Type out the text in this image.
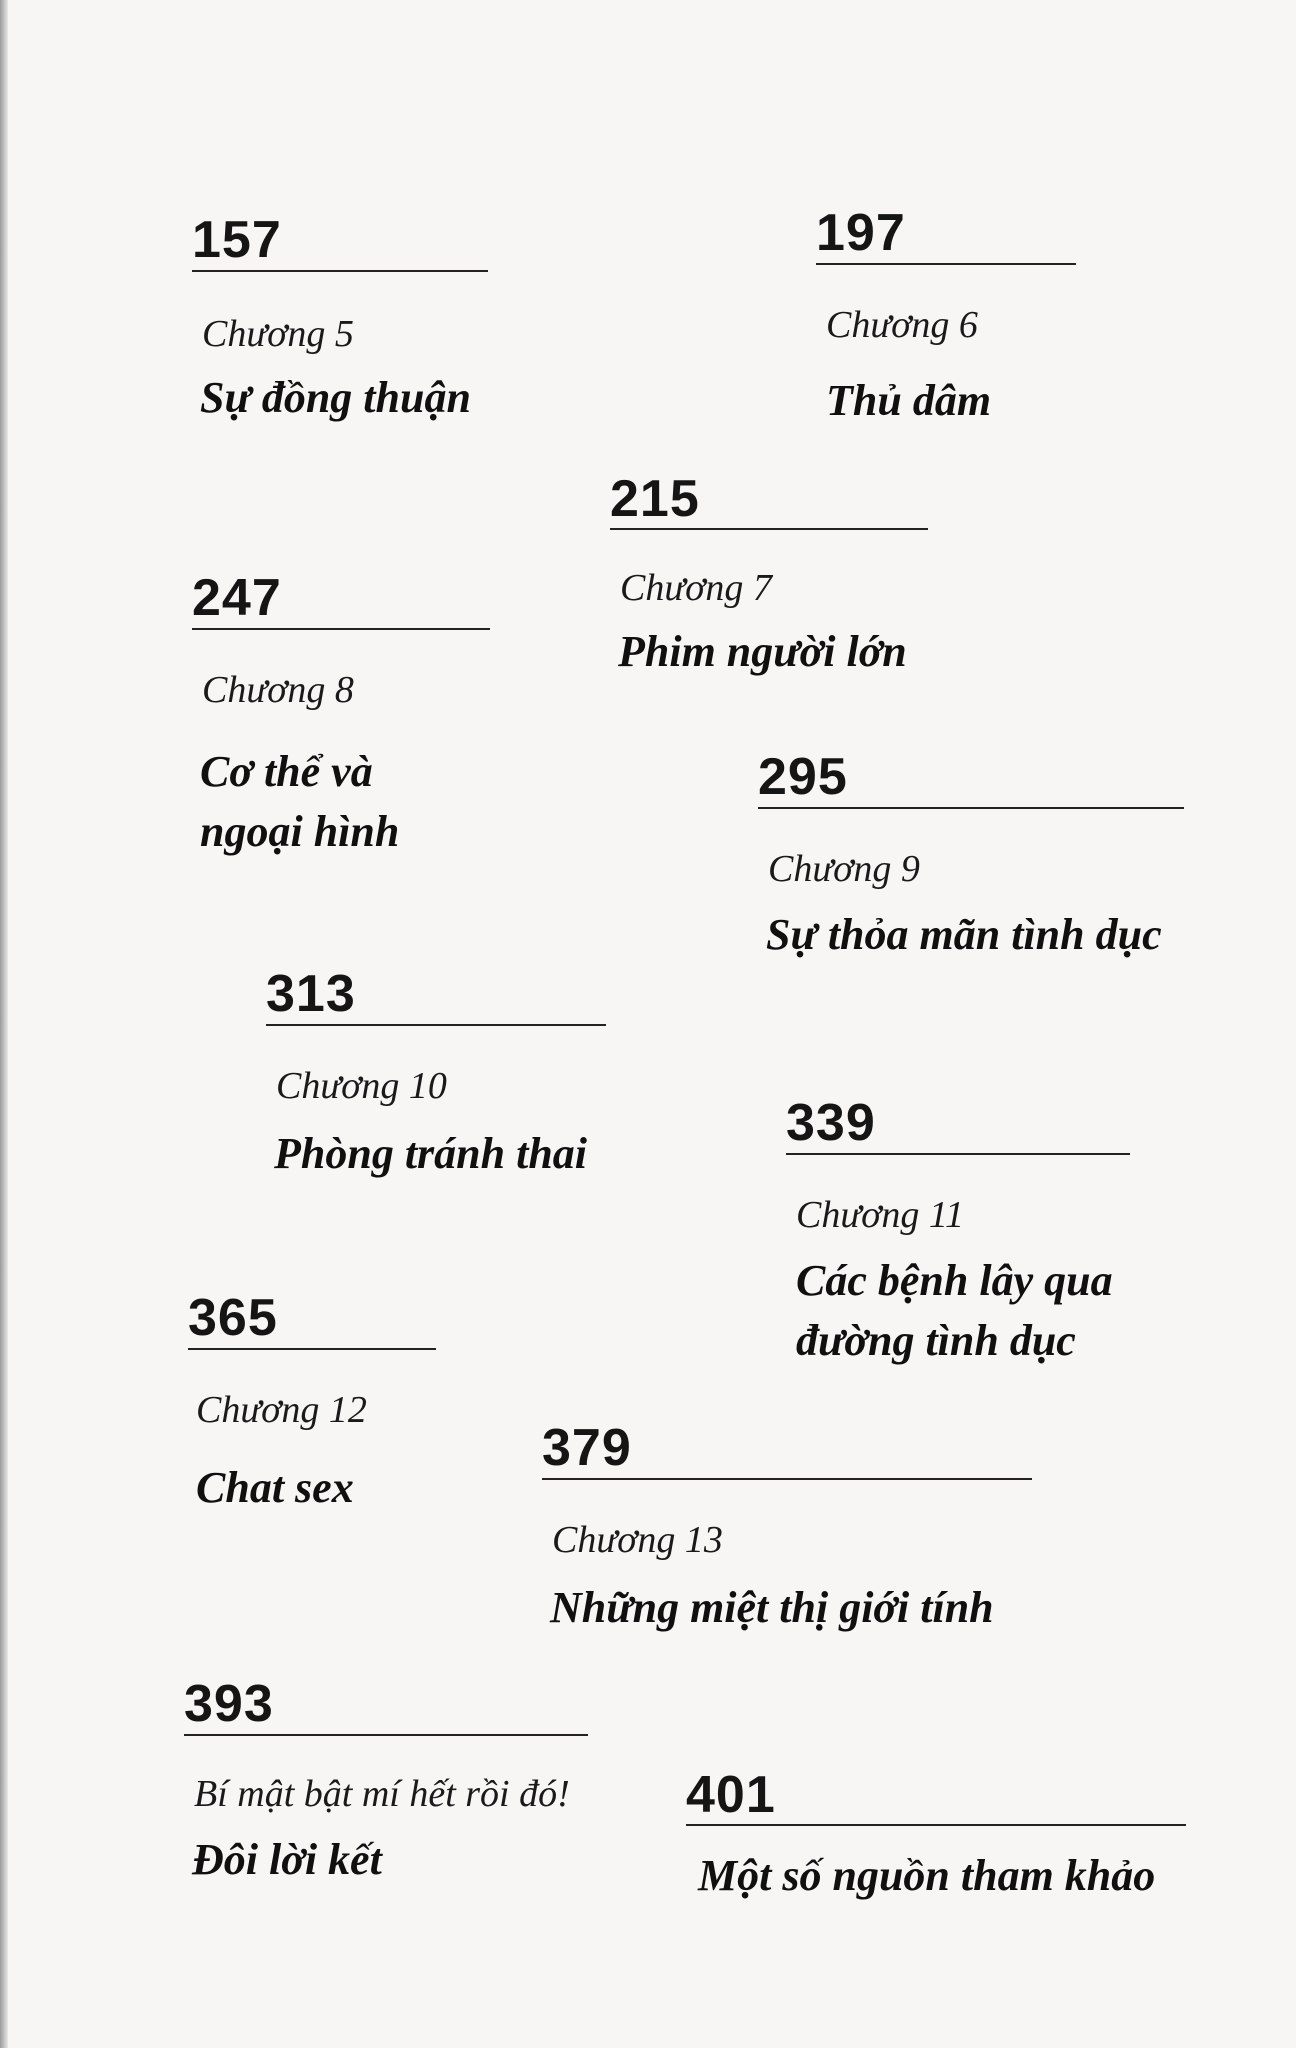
157
Chương 5
Sự đồng thuận
197
Chương 6
Thủ dâm
215
Chương 7
Phim người lớn
247
Chương 8
Cơ thể và
ngoại hình
295
Chương 9
Sự thỏa mãn tình dục
313
Chương 10
Phòng tránh thai
339
Chương 11
Các bệnh lây qua
đường tình dục
365
Chương 12
Chat sex
379
Chương 13
Những miệt thị giới tính
393
Bí mật bật mí hết rồi đó!
Đôi lời kết
401
Một số nguồn tham khảo
